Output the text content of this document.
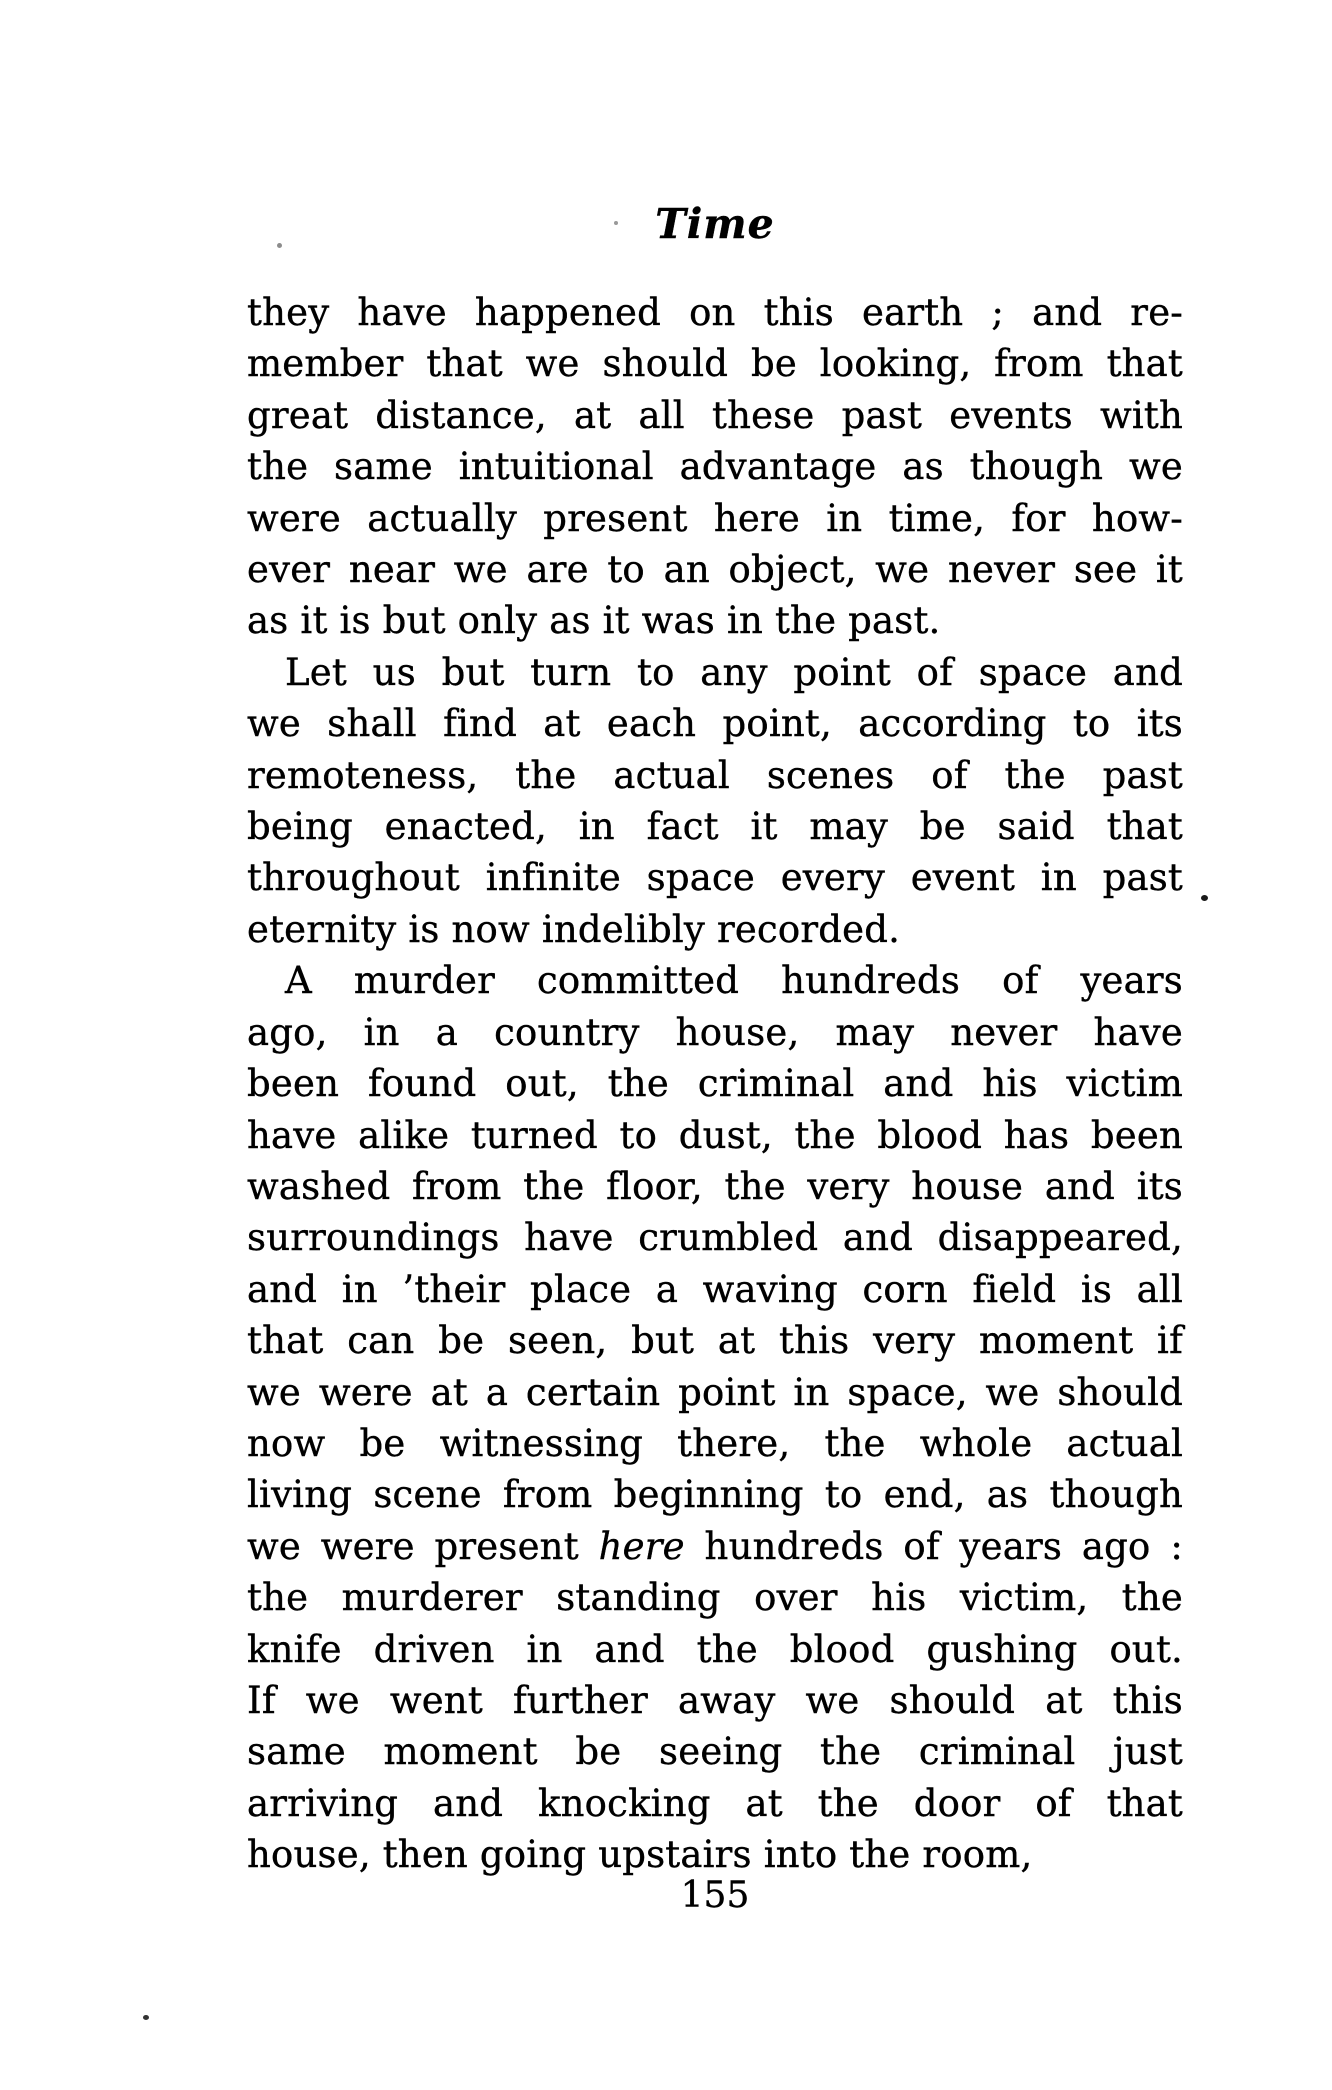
Time
they have happened on this earth ; and re-
member that we should be looking, from that
great distance, at all these past events with
the same intuitional advantage as though we
were actually present here in time, for how-
ever near we are to an object, we never see it
as it is but only as it was in the past.
Let us but turn to any point of space and
we shall find at each point, according to its
remoteness, the actual scenes of the past
being enacted, in fact it may be said that
throughout infinite space every event in past
eternity is now indelibly recorded.
A murder committed hundreds of years
ago, in a country house, may never have
been found out, the criminal and his victim
have alike turned to dust, the blood has been
washed from the floor, the very house and its
surroundings have crumbled and disappeared,
and in ’their place a waving corn field is all
that can be seen, but at this very moment if
we were at a certain point in space, we should
now be witnessing there, the whole actual
living scene from beginning to end, as though
we were present here hundreds of years ago :
the murderer standing over his victim, the
knife driven in and the blood gushing out.
If we went further away we should at this
same moment be seeing the criminal just
arriving and knocking at the door of that
house, then going upstairs into the room,
155
